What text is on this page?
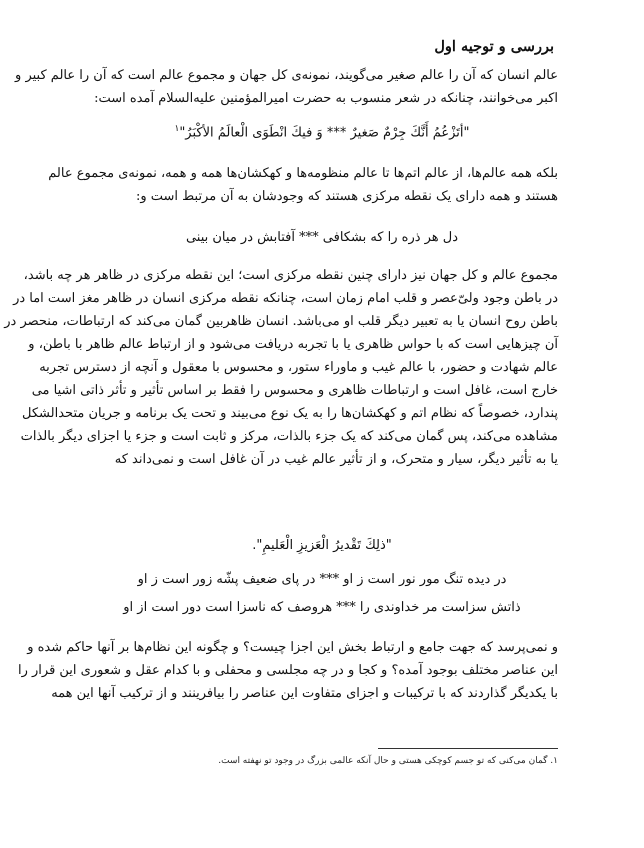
بررسی و توجیه اول
عالم انسان که آن را عالم صغیر می‌گویند، نمونه‌ی کل جهان و مجموع عالم است که آن را عالم کبیر و
اکبر می‌خوانند، چنانکه در شعر منسوب به حضرت امیرالمؤمنین علیه‌السلام آمده است:
"أتَزْعُمُ أَنَّكَ جِرْمٌ صَغیرٌ *** وَ فیكَ انْطَوَی الْعالَمُ الأكْبَرُ"$^۱$
بلکه همه عالم‌ها، از عالم اتم‌ها تا عالم منظومه‌ها و کهکشان‌ها همه و همه، نمونه‌ی مجموع عالم
هستند و همه دارای یک نقطه مرکزی هستند که وجودشان به آن مرتبط است و:
دل هر ذره را که بشکافی *** آفتابش در میان بینی
مجموع عالم و کل جهان نیز دارای چنین نقطه مرکزی است؛ این نقطه مرکزی در ظاهر هر چه باشد،
در باطن وجود ولیّ‌عصر و قلب امام زمان است، چنانکه نقطه مرکزی انسان در ظاهر مغز است اما در
باطن روح انسان یا به تعبیر دیگر قلب او می‌باشد. انسان ظاهربین گمان می‌کند که ارتباطات، منحصر در
آن چیزهایی است که با حواس ظاهری یا با تجربه دریافت می‌شود و از ارتباط عالم ظاهر با باطن، و
عالم شهادت و حضور، با عالم غیب و ماوراء ستور، و محسوس با معقول و آنچه از دسترس تجربه
خارج است، غافل است و ارتباطات ظاهری و محسوس را فقط بر اساس تأثیر و تأثر ذاتی اشیا می
پندارد، خصوصاً که نظام اتم و کهکشان‌ها را به یک نوع می‌بیند و تحت یک برنامه و جریان متحدالشکل
مشاهده می‌کند، پس گمان می‌کند که یک جزء بالذات، مرکز و ثابت است و جزء یا اجزای دیگر بالذات
یا به تأثیر دیگر، سیار و متحرک، و از تأثیر عالم غیب در آن غافل است و نمی‌داند که
"ذلِكَ تَقْدیرُ الْعَزیزِ الْعَلیمِ".
در دیده تنگ مور نور است ز او *** در پای ضعیف پشّه زور است ز او
ذاتش سزاست مر خداوندی را *** هروصف که ناسزا است دور است از او
و نمی‌پرسد که جهت جامع و ارتباط بخش این اجزا چیست؟ و چگونه این نظام‌ها بر آنها حاکم شده و
این عناصر مختلف بوجود آمده؟ و کجا و در چه مجلسی و محفلی و با کدام عقل و شعوری این قرار را
با یکدیگر گذاردند که با ترکیبات و اجزای متفاوت این عناصر را بیافرینند و از ترکیب آنها این همه
۱. گمان می‌کنی که تو جسم کوچکی هستی و حال آنکه عالمی بزرگ در وجود تو نهفته است.
